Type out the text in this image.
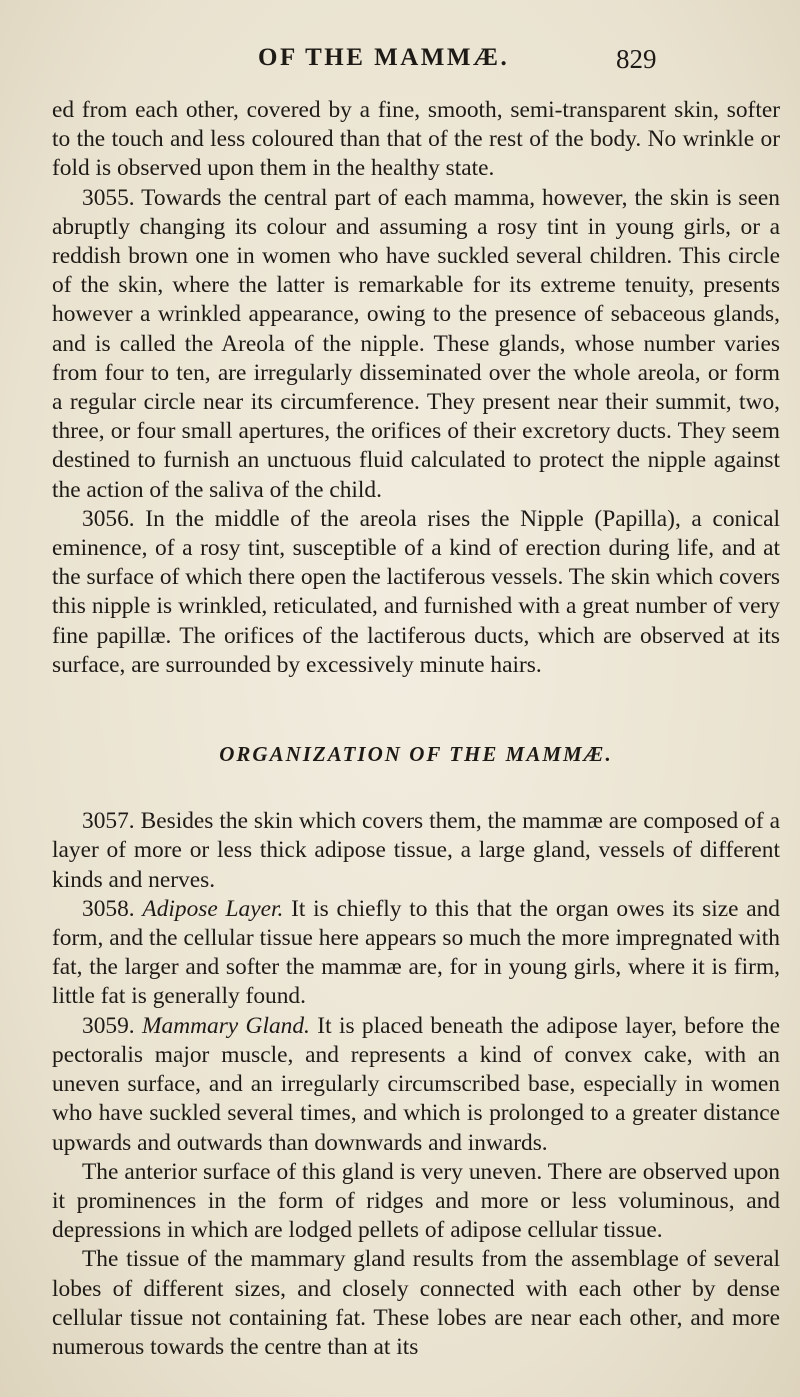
OF THE MAMMÆ.	829

ed from each other, covered by a fine, smooth, semi-transparent skin, softer to the touch and less coloured than that of the rest of the body. No wrinkle or fold is observed upon them in the healthy state.

3055. Towards the central part of each mamma, however, the skin is seen abruptly changing its colour and assuming a rosy tint in young girls, or a reddish brown one in women who have suckled several children. This circle of the skin, where the latter is remarkable for its extreme tenuity, presents however a wrinkled appearance, owing to the presence of sebaceous glands, and is called the Areola of the nipple. These glands, whose number varies from four to ten, are irregularly disseminated over the whole areola, or form a regular circle near its circumference. They present near their summit, two, three, or four small apertures, the orifices of their excretory ducts. They seem destined to furnish an unctuous fluid calculated to protect the nipple against the action of the saliva of the child.

3056. In the middle of the areola rises the Nipple (Papilla), a conical eminence, of a rosy tint, susceptible of a kind of erection during life, and at the surface of which there open the lactiferous vessels. The skin which covers this nipple is wrinkled, reticulated, and furnished with a great number of very fine papillæ. The orifices of the lactiferous ducts, which are observed at its surface, are surrounded by excessively minute hairs.

ORGANIZATION OF THE MAMMÆ.

3057. Besides the skin which covers them, the mammæ are composed of a layer of more or less thick adipose tissue, a large gland, vessels of different kinds and nerves.

3058. Adipose Layer. It is chiefly to this that the organ owes its size and form, and the cellular tissue here appears so much the more impregnated with fat, the larger and softer the mammæ are, for in young girls, where it is firm, little fat is generally found.

3059. Mammary Gland. It is placed beneath the adipose layer, before the pectoralis major muscle, and represents a kind of convex cake, with an uneven surface, and an irregularly circumscribed base, especially in women who have suckled several times, and which is prolonged to a greater distance upwards and outwards than downwards and inwards.

The anterior surface of this gland is very uneven. There are observed upon it prominences in the form of ridges and more or less voluminous, and depressions in which are lodged pellets of adipose cellular tissue.

The tissue of the mammary gland results from the assemblage of several lobes of different sizes, and closely connected with each other by dense cellular tissue not containing fat. These lobes are near each other, and more numerous towards the centre than at its
